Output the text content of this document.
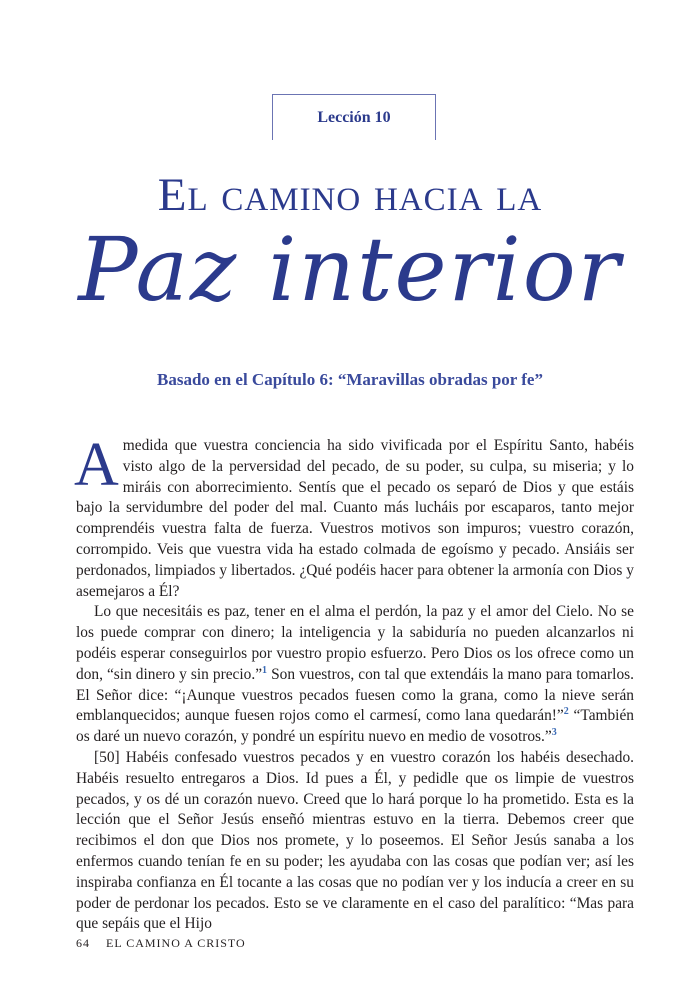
Lección 10
El camino hacia la
Paz interior
Basado en el Capítulo 6: “Maravillas obradas por fe”

A medida que vuestra conciencia ha sido vivificada por el Espíritu Santo, habéis visto algo de la perversidad del pecado, de su poder, su culpa, su miseria; y lo miráis con aborrecimiento. Sentís que el pecado os separó de Dios y que estáis bajo la servidumbre del poder del mal. Cuanto más lucháis por escaparos, tanto mejor comprendéis vuestra falta de fuerza. Vuestros motivos son impuros; vuestro corazón, corrompido. Veis que vuestra vida ha estado colmada de egoísmo y pecado. Ansiáis ser perdonados, limpiados y libertados. ¿Qué podéis hacer para obtener la armonía con Dios y asemejaros a Él?

Lo que necesitáis es paz, tener en el alma el perdón, la paz y el amor del Cielo. No se los puede comprar con dinero; la inteligencia y la sabiduría no pueden alcanzarlos ni podéis esperar conseguirlos por vuestro propio esfuerzo. Pero Dios os los ofrece como un don, “sin dinero y sin precio.”$^1$ Son vuestros, con tal que extendáis la mano para tomarlos. El Señor dice: “¡Aunque vuestros pecados fuesen como la grana, como la nieve serán emblanquecidos; aunque fuesen rojos como el carmesí, como lana quedarán!”$^2$ “También os daré un nuevo corazón, y pondré un espíritu nuevo en medio de vosotros.”$^3$

[50] Habéis confesado vuestros pecados y en vuestro corazón los habéis desechado. Habéis resuelto entregaros a Dios. Id pues a Él, y pedidle que os limpie de vuestros pecados, y os dé un corazón nuevo. Creed que lo hará porque lo ha prometido. Esta es la lección que el Señor Jesús enseñó mientras estuvo en la tierra. Debemos creer que recibimos el don que Dios nos promete, y lo poseemos. El Señor Jesús sanaba a los enfermos cuando tenían fe en su poder; les ayudaba con las cosas que podían ver; así les inspiraba confianza en Él tocante a las cosas que no podían ver y los inducía a creer en su poder de perdonar los pecados. Esto se ve claramente en el caso del paralítico: “Mas para que sepáis que el Hijo

64 EL CAMINO A CRISTO
